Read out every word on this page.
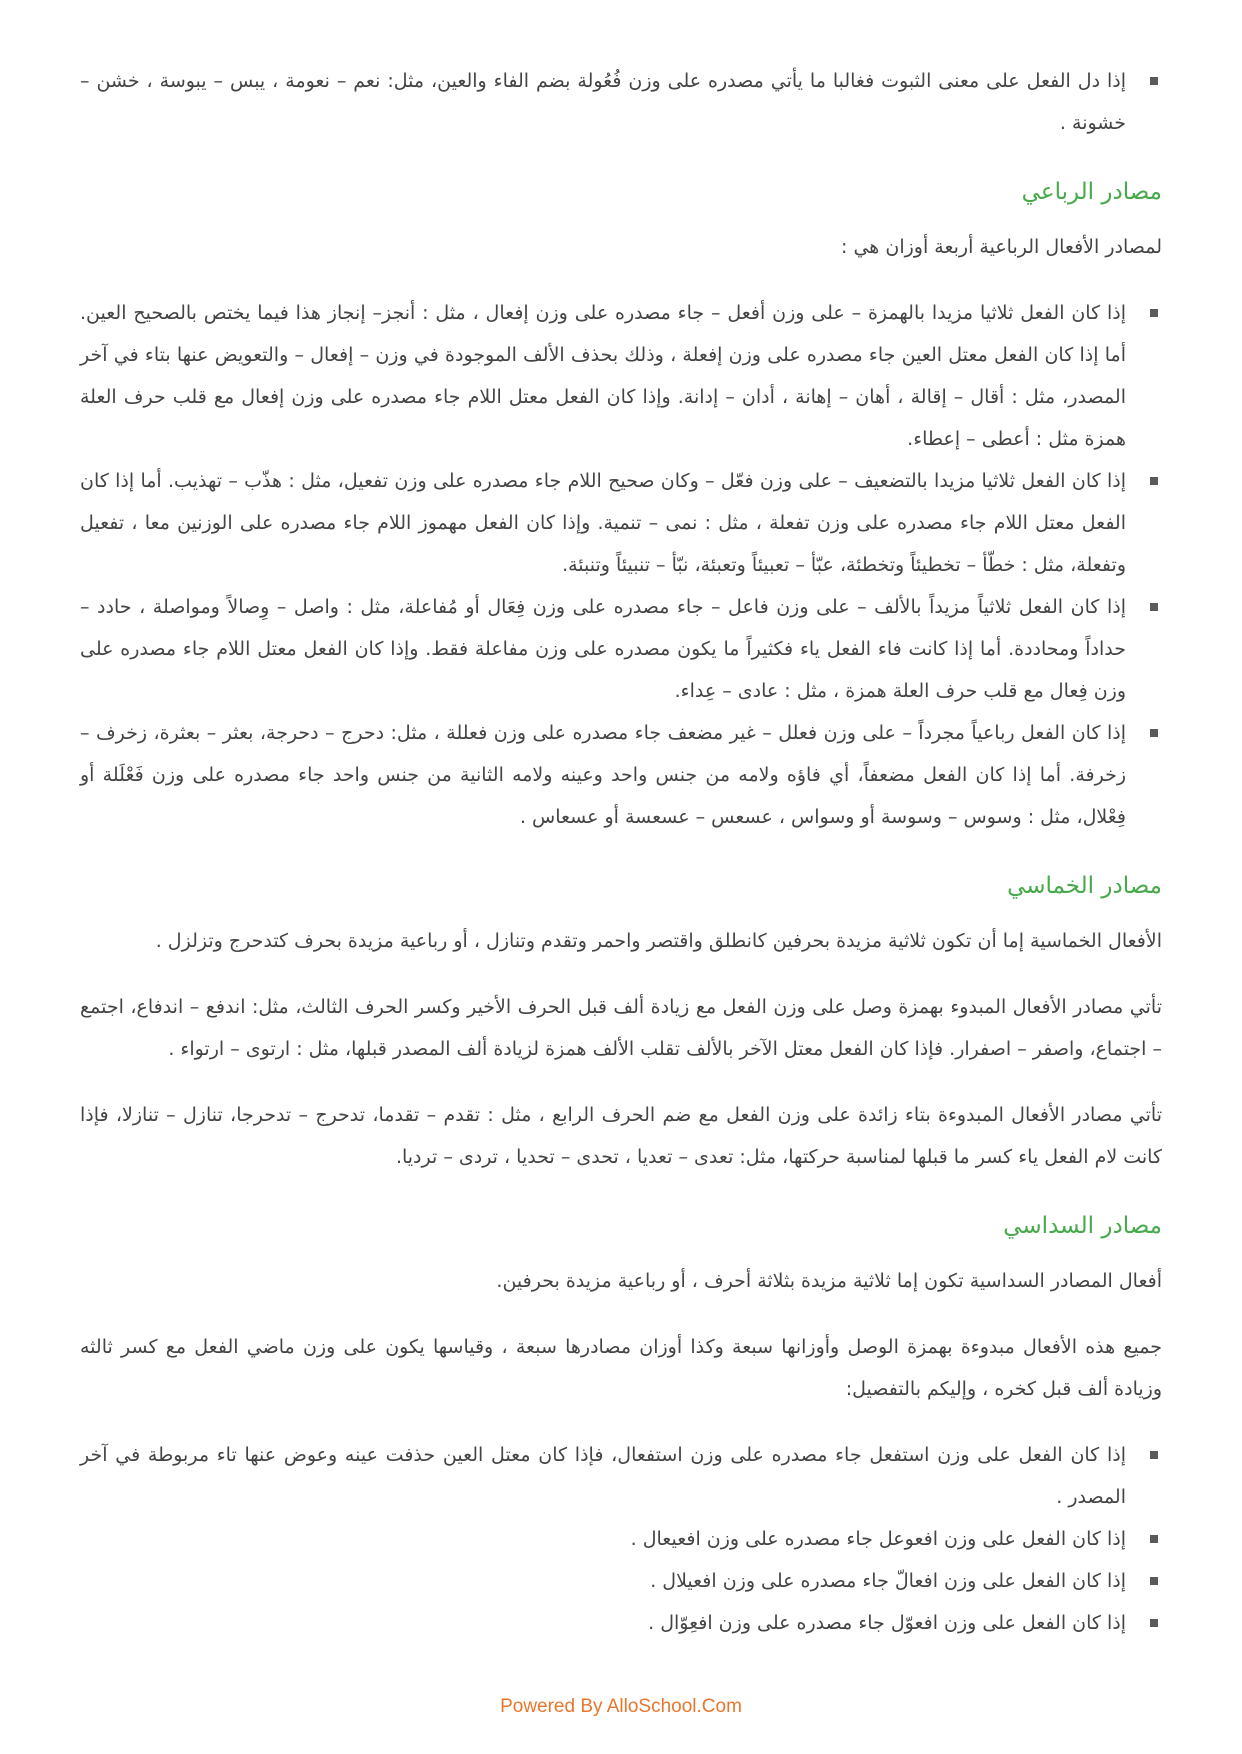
إذا دل الفعل على معنى الثبوت فغالبا ما يأتي مصدره على وزن فُعُولة بضم الفاء والعين، مثل: نعم – نعومة ، يبس – يبوسة ، خشن – خشونة .
مصادر الرباعي

لمصادر الأفعال الرباعية أربعة أوزان هي :

إذا كان الفعل ثلاثيا مزيدا بالهمزة – على وزن أفعل – جاء مصدره على وزن إفعال ، مثل : أنجز– إنجاز هذا فيما يختص بالصحيح العين. أما إذا كان الفعل معتل العين جاء مصدره على وزن إفعلة ، وذلك بحذف الألف الموجودة في وزن – إفعال – والتعويض عنها بتاء في آخر المصدر، مثل : أقال – إقالة ، أهان – إهانة ، أدان – إدانة. وإذا كان الفعل معتل اللام جاء مصدره على وزن إفعال مع قلب حرف العلة همزة مثل : أعطى – إعطاء.
إذا كان الفعل ثلاثيا مزيدا بالتضعيف – على وزن فعّل – وكان صحيح اللام جاء مصدره على وزن تفعيل، مثل : هذّب – تهذيب. أما إذا كان الفعل معتل اللام جاء مصدره على وزن تفعلة ، مثل : نمى – تنمية. وإذا كان الفعل مهموز اللام جاء مصدره على الوزنين معا ، تفعيل وتفعلة، مثل : خطّأ – تخطيئاً وتخطئة، عبّأ – تعبيئاً وتعبئة، نبّأ – تنبيئاً وتنبئة.
إذا كان الفعل ثلاثياً مزيداً بالألف – على وزن فاعل – جاء مصدره على وزن فِعَال أو مُفاعلة، مثل : واصل – وِصالاً ومواصلة ، حادد – حداداً ومحاددة. أما إذا كانت فاء الفعل ياء فكثيراً ما يكون مصدره على وزن مفاعلة فقط. وإذا كان الفعل معتل اللام جاء مصدره على وزن فِعال مع قلب حرف العلة همزة ، مثل : عادى – عِداء.
إذا كان الفعل رباعياً مجرداً – على وزن فعلل – غير مضعف جاء مصدره على وزن فعللة ، مثل: دحرج – دحرجة، بعثر – بعثرة، زخرف – زخرفة. أما إذا كان الفعل مضعفاً، أي فاؤه ولامه من جنس واحد وعينه ولامه الثانية من جنس واحد جاء مصدره على وزن فَعْلَلة أو فِعْلال، مثل : وسوس – وسوسة أو وسواس ، عسعس – عسعسة أو عسعاس .
مصادر الخماسي

الأفعال الخماسية إما أن تكون ثلاثية مزيدة بحرفين كانطلق واقتصر واحمر وتقدم وتنازل ، أو رباعية مزيدة بحرف كتدحرج وتزلزل .

تأتي مصادر الأفعال المبدوء بهمزة وصل على وزن الفعل مع زيادة ألف قبل الحرف الأخير وكسر الحرف الثالث، مثل: اندفع – اندفاع، اجتمع – اجتماع، واصفر – اصفرار. فإذا كان الفعل معتل الآخر بالألف تقلب الألف همزة لزيادة ألف المصدر قبلها، مثل : ارتوى – ارتواء .

تأتي مصادر الأفعال المبدوءة بتاء زائدة على وزن الفعل مع ضم الحرف الرابع ، مثل : تقدم – تقدما، تدحرج – تدحرجا، تنازل – تنازلا، فإذا كانت لام الفعل ياء كسر ما قبلها لمناسبة حركتها، مثل: تعدى – تعديا ، تحدى – تحديا ، تردى – ترديا.

مصادر السداسي

أفعال المصادر السداسية تكون إما ثلاثية مزيدة بثلاثة أحرف ، أو رباعية مزيدة بحرفين.

جميع هذه الأفعال مبدوءة بهمزة الوصل وأوزانها سبعة وكذا أوزان مصادرها سبعة ، وقياسها يكون على وزن ماضي الفعل مع كسر ثالثه وزيادة ألف قبل كخره ، وإليكم بالتفصيل:

إذا كان الفعل على وزن استفعل جاء مصدره على وزن استفعال، فإذا كان معتل العين حذفت عينه وعوض عنها تاء مربوطة في آخر المصدر .
إذا كان الفعل على وزن افعوعل جاء مصدره على وزن افعيعال .
إذا كان الفعل على وزن افعالّ جاء مصدره على وزن افعيلال .
إذا كان الفعل على وزن افعوّل جاء مصدره على وزن افعِوّال .
Powered By AlloSchool.Com
